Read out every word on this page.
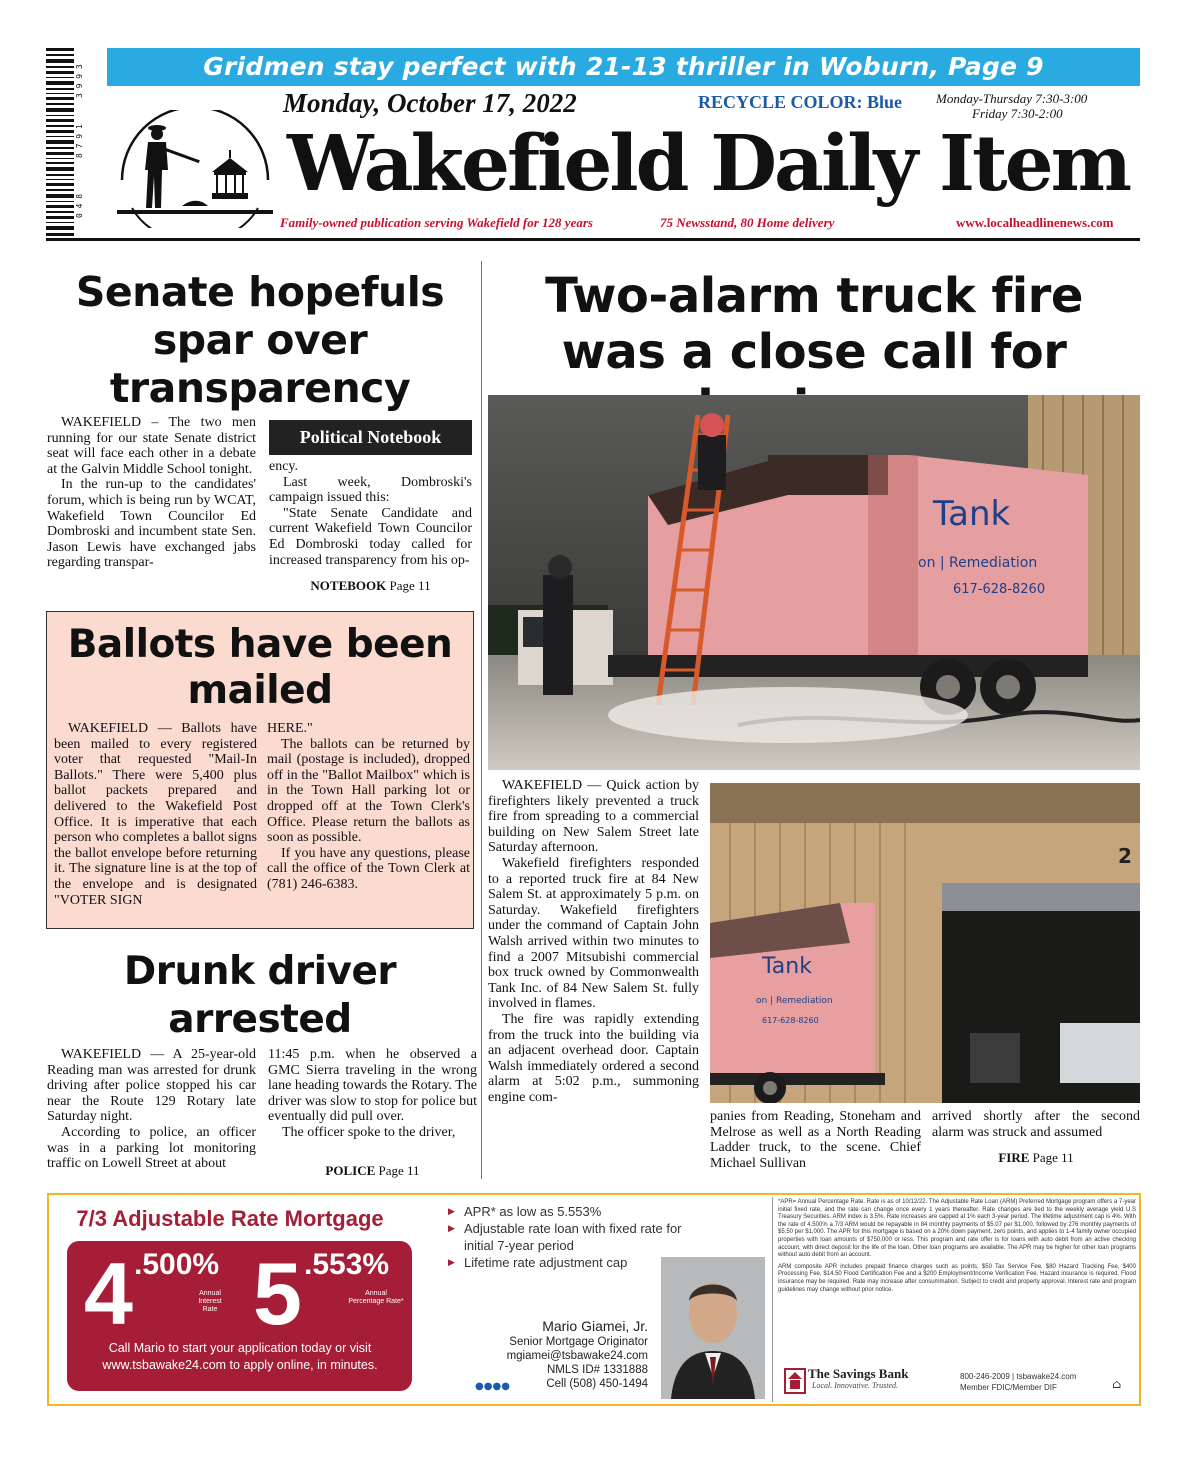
Gridmen stay perfect with 21-13 thriller in Woburn, Page 9
3 9 9 3
8 7 9 1
0 4 8
Monday, October 17, 2022	RECYCLE COLOR: Blue	Monday-Thursday 7:30-3:00
Friday 7:30-2:00
Wakefield Daily Item
Family-owned publication serving Wakefield for 128 years	75 Newsstand, 80 Home delivery	www.localheadlinenews.com
Senate hopefuls spar over transparency

WAKEFIELD – The two men running for our state Senate district seat will face each other in a debate at the Galvin Middle School tonight.

In the run-up to the candidates' forum, which is being run by WCAT, Wakefield Town Councilor Ed Dombroski and incumbent state Sen. Jason Lewis have exchanged jabs regarding transpar-

Political Notebook

ency.

Last week, Dombroski's campaign issued this:

"State Senate Candidate and current Wakefield Town Councilor Ed Dombroski today called for increased transparency from his op-

NOTEBOOK Page 11
Ballots have been mailed

WAKEFIELD — Ballots have been mailed to every registered voter that requested "Mail-In Ballots." There were 5,400 plus ballot packets prepared and delivered to the Wakefield Post Office. It is imperative that each person who completes a ballot signs the ballot envelope before returning it. The signature line is at the top of the envelope and is designated "VOTER SIGN

HERE."

The ballots can be returned by mail (postage is included), dropped off in the "Ballot Mailbox" which is in the Town Hall parking lot or dropped off at the Town Clerk's Office. Please return the ballots as soon as possible.

If you have any questions, please call the office of the Town Clerk at (781) 246-6383.

Drunk driver arrested

WAKEFIELD — A 25-year-old Reading man was arrested for drunk driving after police stopped his car near the Route 129 Rotary late Saturday night.

According to police, an officer was in a parking lot monitoring traffic on Lowell Street at about

11:45 p.m. when he observed a GMC Sierra traveling in the wrong lane heading towards the Rotary. The driver was slow to stop for police but eventually did pull over.

The officer spoke to the driver,

POLICE Page 11
Two-alarm truck fire was a close call for
Tank
on | Remediation
617-628-8260
2
Tank
on | Remediation
617-628-8260

WAKEFIELD — Quick action by firefighters likely prevented a truck fire from spreading to a commercial building on New Salem Street late Saturday afternoon.

Wakefield firefighters responded to a reported truck fire at 84 New Salem St. at approximately 5 p.m. on Saturday. Wakefield firefighters under the command of Captain John Walsh arrived within two minutes to find a 2007 Mitsubishi commercial box truck owned by Commonwealth Tank Inc. of 84 New Salem St. fully involved in flames.

The fire was rapidly extending from the truck into the building via an adjacent overhead door. Captain Walsh immediately ordered a second alarm at 5:02 p.m., summoning engine com-

panies from Reading, Stoneham and Melrose as well as a North Reading Ladder truck, to the scene. Chief Michael Sullivan

arrived shortly after the second alarm was struck and assumed

FIRE Page 11
7/3 Adjustable Rate Mortgage
4 .500%
Annual Interest Rate 5 .553%
Annual Percentage Rate*
Call Mario to start your application today or visit www.tsbawake24.com to apply online, in minutes.
▶ APR* as low as 5.553%
▶ Adjustable rate loan with fixed rate for
initial 7-year period
▶ Lifetime rate adjustment cap
Mario Giamei, Jr.
Senior Mortgage Originator
mgiamei@tsbawake24.com
NMLS ID# 1331888
Cell (508) 450-1494
●●●●
*APR= Annual Percentage Rate. Rate is as of 10/12/22. The Adjustable Rate Loan (ARM) Preferred Mortgage program offers a 7-year initial fixed rate, and the rate can change once every 1 years thereafter. Rate changes are tied to the weekly average yield U.S Treasury Securities. ARM index is 3.5%. Rate increases are capped at 1% each 3-year period. The lifetime adjustment cap is 4%. With the rate of 4.500% a 7/3 ARM would be repayable in 84 monthly payments of $5.07 per $1,000, followed by 276 monthly payments of $5.50 per $1,000. The APR for this mortgage is based on a 20% down payment, zero points, and applies to 1-4 family owner occupied properties with loan amounts of $750,000 or less. This program and rate offer is for loans with auto debit from an active checking account, with direct deposit for the life of the loan. Other loan programs are available. The APR may be higher for other loan programs without auto debit from an account.
ARM composite APR includes prepaid finance charges such as points, $50 Tax Service Fee, $80 Hazard Tracking Fee, $400 Processing Fee, $14.50 Flood Certification Fee and a $200 Employment/Income Verification Fee. Hazard insurance is required. Flood insurance may be required. Rate may increase after consummation. Subject to credit and property approval. Interest rate and program guidelines may change without prior notice.
The Savings Bank
Local. Innovative. Trusted.
800-246-2009 | tsbawake24.com
Member FDIC/Member DIF	⌂
